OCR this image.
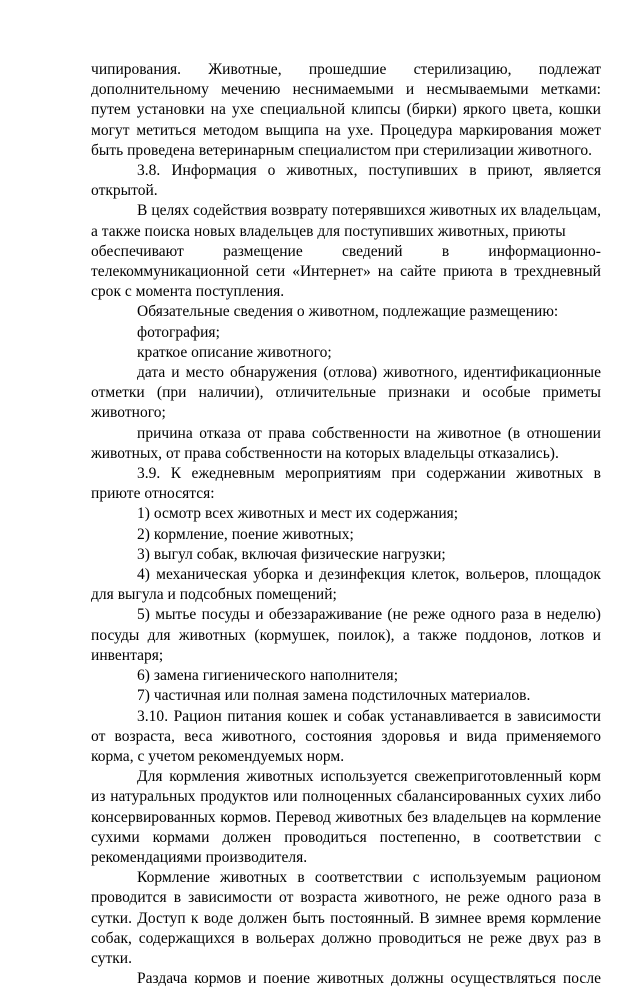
чипирования. Животные, прошедшие стерилизацию, подлежат

дополнительному мечению неснимаемыми и несмываемыми метками: путем установки на ухе специальной клипсы (бирки) яркого цвета, кошки могут метиться методом выщипа на ухе. Процедура маркирования может быть проведена ветеринарным специалистом при стерилизации животного.

3.8. Информация о животных, поступивших в приют, является открытой.

В целях содействия возврату потерявшихся животных их владельцам, а также поиска новых владельцев для поступивших животных, приюты

обеспечивают	размещение	сведений	в	информационно-

телекоммуникационной сети «Интернет» на сайте приюта в трехдневный срок с момента поступления.

Обязательные сведения о животном, подлежащие размещению:

фотография;

краткое описание животного;

дата и место обнаружения (отлова) животного, идентификационные отметки (при наличии), отличительные признаки и особые приметы животного;

причина отказа от права собственности на животное (в отношении животных, от права собственности на которых владельцы отказались).

3.9. К ежедневным мероприятиям при содержании животных в приюте относятся:

1) осмотр всех животных и мест их содержания;

2) кормление, поение животных;

3) выгул собак, включая физические нагрузки;

4) механическая уборка и дезинфекция клеток, вольеров, площадок для выгула и подсобных помещений;

5) мытье посуды и обеззараживание (не реже одного раза в неделю) посуды для животных (кормушек, поилок), а также поддонов, лотков и инвентаря;

6) замена гигиенического наполнителя;

7) частичная или полная замена подстилочных материалов.

3.10. Рацион питания кошек и собак устанавливается в зависимости от возраста, веса животного, состояния здоровья и вида применяемого корма, с учетом рекомендуемых норм.

Для кормления животных используется свежеприготовленный корм из натуральных продуктов или полноценных сбалансированных сухих либо консервированных кормов. Перевод животных без владельцев на кормление сухими кормами должен проводиться постепенно, в соответствии с рекомендациями производителя.

Кормление животных в соответствии с используемым рационом проводится в зависимости от возраста животного, не реже одного раза в сутки. Доступ к воде должен быть постоянный. В зимнее время кормление собак, содержащихся в вольерах должно проводиться не реже двух раз в сутки.

Раздача кормов и поение животных должны осуществляться после
